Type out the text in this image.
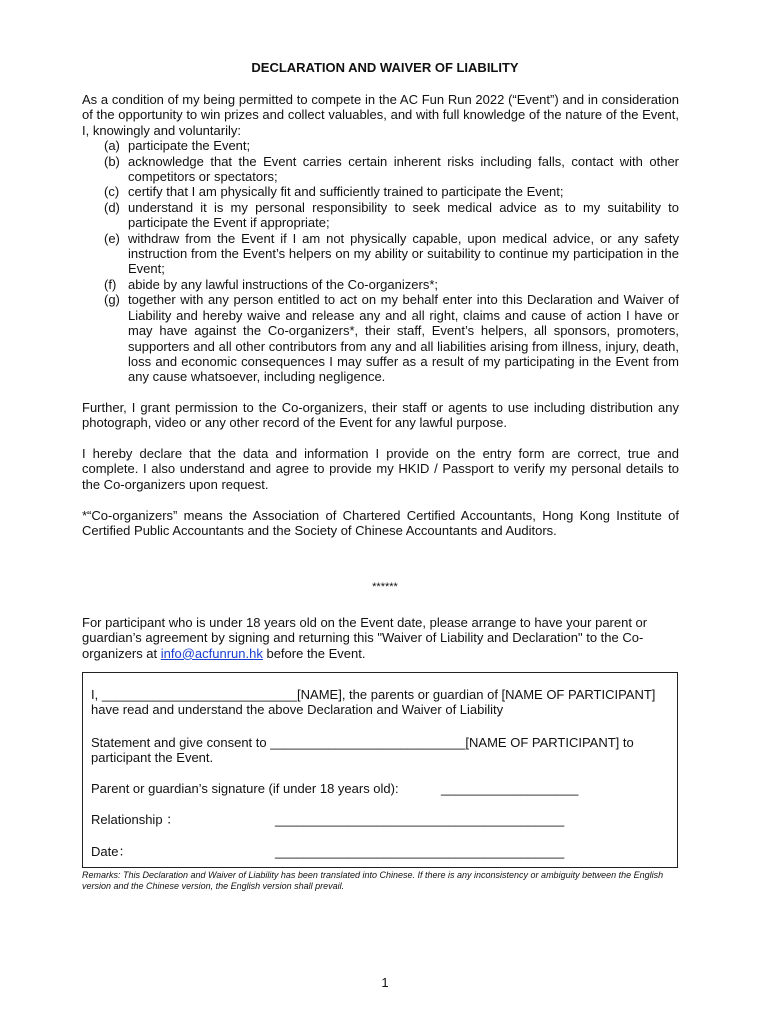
DECLARATION AND WAIVER OF LIABILITY
As a condition of my being permitted to compete in the AC Fun Run 2022 (“Event”) and in consideration of the opportunity to win prizes and collect valuables, and with full knowledge of the nature of the Event, I, knowingly and voluntarily:
(a) participate the Event;
(b) acknowledge that the Event carries certain inherent risks including falls, contact with other competitors or spectators;
(c) certify that I am physically fit and sufficiently trained to participate the Event;
(d) understand it is my personal responsibility to seek medical advice as to my suitability to participate the Event if appropriate;
(e) withdraw from the Event if I am not physically capable, upon medical advice, or any safety instruction from the Event’s helpers on my ability or suitability to continue my participation in the Event;
(f) abide by any lawful instructions of the Co-organizers*;
(g) together with any person entitled to act on my behalf enter into this Declaration and Waiver of Liability and hereby waive and release any and all right, claims and cause of action I have or may have against the Co-organizers*, their staff, Event’s helpers, all sponsors, promoters, supporters and all other contributors from any and all liabilities arising from illness, injury, death, loss and economic consequences I may suffer as a result of my participating in the Event from any cause whatsoever, including negligence.
Further, I grant permission to the Co-organizers, their staff or agents to use including distribution any photograph, video or any other record of the Event for any lawful purpose.
I hereby declare that the data and information I provide on the entry form are correct, true and complete. I also understand and agree to provide my HKID / Passport to verify my personal details to the Co-organizers upon request.
*“Co-organizers” means the Association of Chartered Certified Accountants, Hong Kong Institute of Certified Public Accountants and the Society of Chinese Accountants and Auditors.
******
For participant who is under 18 years old on the Event date, please arrange to have your parent or guardian’s agreement by signing and returning this "Waiver of Liability and Declaration" to the Co-organizers at info@acfunrun.hk before the Event.
I, ___________________________[NAME], the parents or guardian of [NAME OF PARTICIPANT] have read and understand the above Declaration and Waiver of Liability
Statement and give consent to ___________________________[NAME OF PARTICIPANT] to participant the Event.
Parent or guardian’s signature (if under 18 years old):	___________________
Relationship ：	________________________________________
Date：	________________________________________
Remarks: This Declaration and Waiver of Liability has been translated into Chinese. If there is any inconsistency or ambiguity between the English version and the Chinese version, the English version shall prevail.
1
